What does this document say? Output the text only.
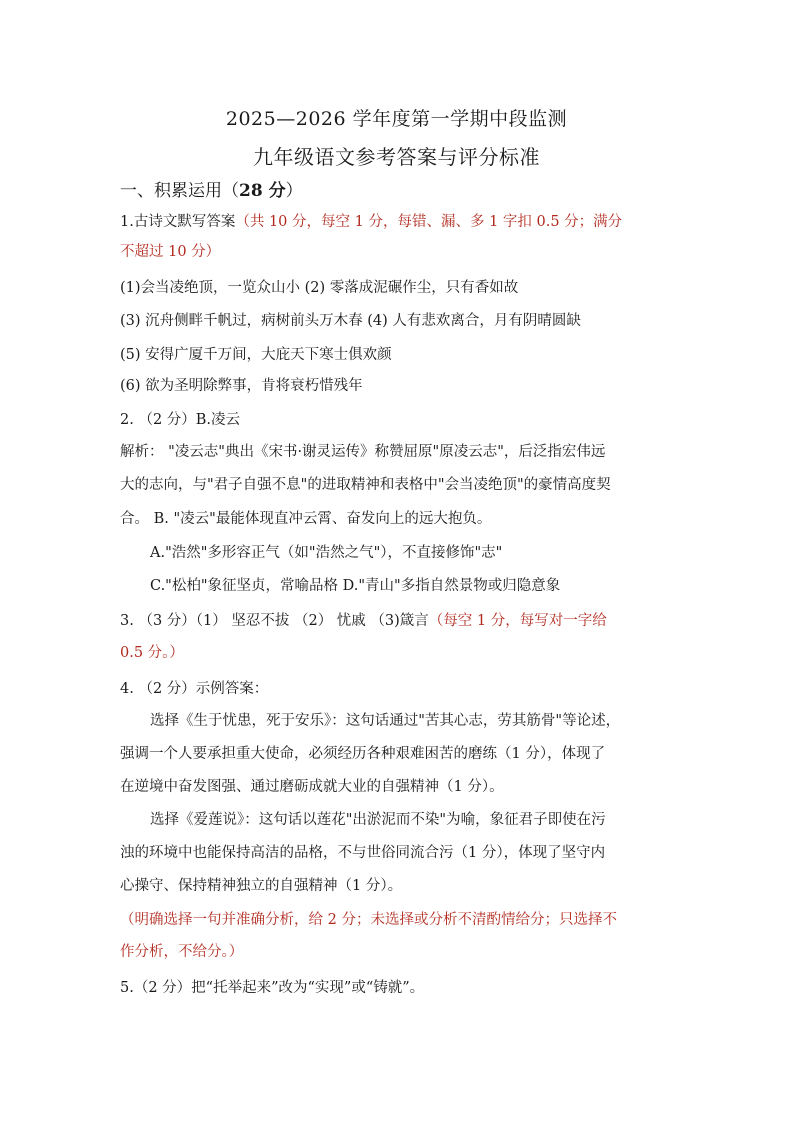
2025—2026 学年度第一学期中段监测
九年级语文参考答案与评分标准
一、积累运用（28 分）
1.古诗文默写答案（共 10 分，每空 1 分，每错、漏、多 1 字扣 0.5 分；满分
不超过 10 分）
(1)会当凌绝顶，一览众山小 (2) 零落成泥碾作尘，只有香如故
(3) 沉舟侧畔千帆过，病树前头万木春 (4) 人有悲欢离合，月有阴晴圆缺
(5) 安得广厦千万间，大庇天下寒士俱欢颜
(6) 欲为圣明除弊事，肯将衰朽惜残年
2. （2 分）B.凌云
解析： "凌云志"典出《宋书·谢灵运传》称赞屈原"原凌云志"，后泛指宏伟远
大的志向，与"君子自强不息"的进取精神和表格中"会当凌绝顶"的豪情高度契
合。 B. "凌云"最能体现直冲云霄、奋发向上的远大抱负。
A."浩然"多形容正气（如"浩然之气"），不直接修饰"志"
C."松柏"象征坚贞，常喻品格 D."青山"多指自然景物或归隐意象
3. （3 分）（1） 坚忍不拔 （2） 忧戚 （3)箴言（每空 1 分，每写对一字给
0.5 分。）
4. （2 分）示例答案：
选择《生于忧患，死于安乐》：这句话通过"苦其心志，劳其筋骨"等论述，
强调一个人要承担重大使命，必须经历各种艰难困苦的磨练（1 分），体现了
在逆境中奋发图强、通过磨砺成就大业的自强精神（1 分）。
选择《爱莲说》：这句话以莲花"出淤泥而不染"为喻，象征君子即使在污
浊的环境中也能保持高洁的品格，不与世俗同流合污（1 分），体现了坚守内
心操守、保持精神独立的自强精神（1 分）。
（明确选择一句并准确分析，给 2 分；未选择或分析不清酌情给分；只选择不
作分析，不给分。）
5.（2 分）把“托举起来”改为“实现”或“铸就”。
